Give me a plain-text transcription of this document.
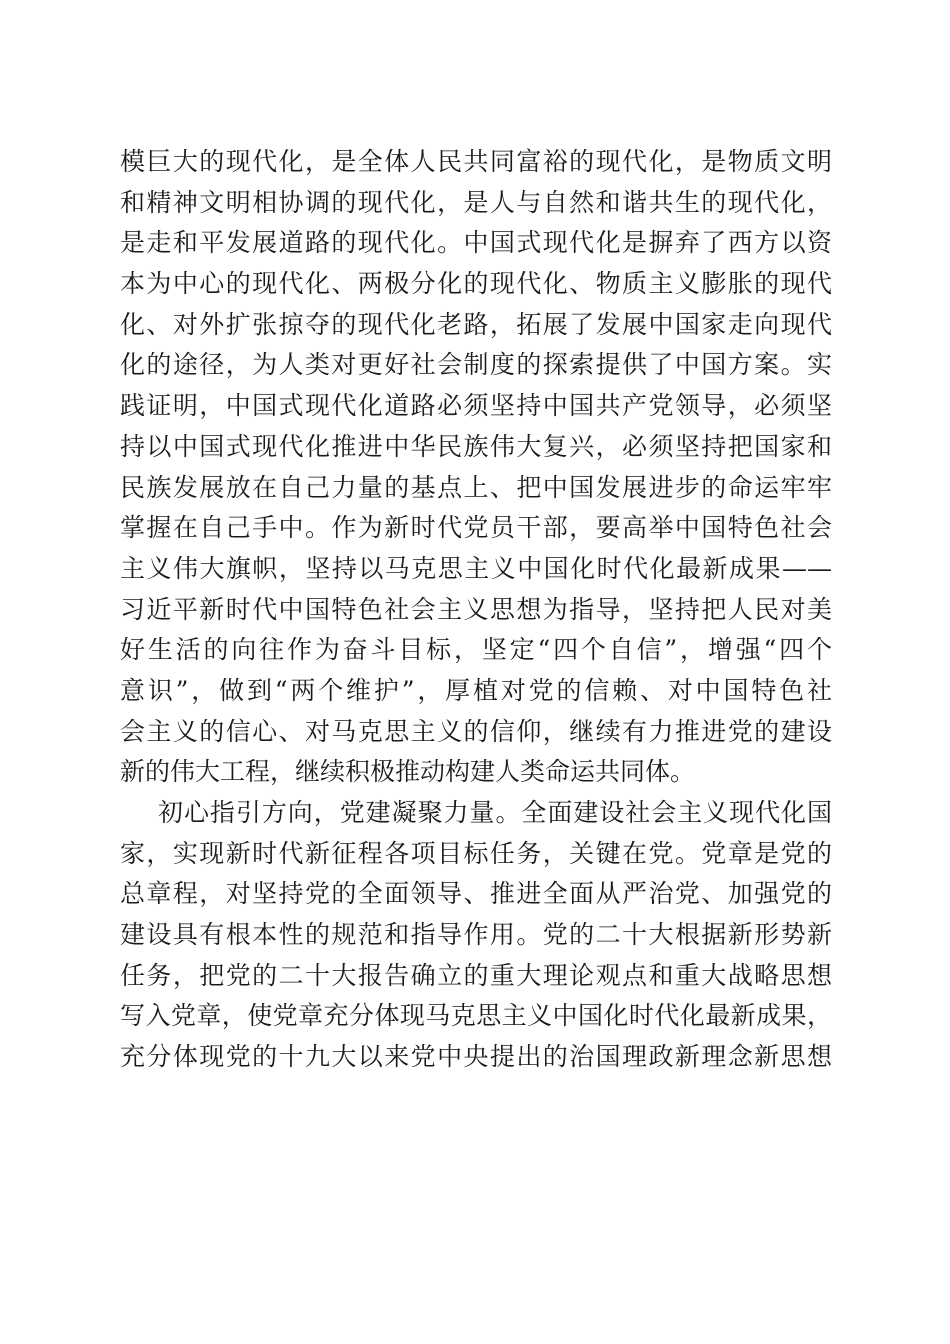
模巨大的现代化，是全体人民共同富裕的现代化，是物质文明
和精神文明相协调的现代化，是人与自然和谐共生的现代化，
是走和平发展道路的现代化。中国式现代化是摒弃了西方以资
本为中心的现代化、两极分化的现代化、物质主义膨胀的现代
化、对外扩张掠夺的现代化老路，拓展了发展中国家走向现代
化的途径，为人类对更好社会制度的探索提供了中国方案。实
践证明，中国式现代化道路必须坚持中国共产党领导，必须坚
持以中国式现代化推进中华民族伟大复兴，必须坚持把国家和
民族发展放在自己力量的基点上、把中国发展进步的命运牢牢
掌握在自己手中。作为新时代党员干部，要高举中国特色社会
主义伟大旗帜，坚持以马克思主义中国化时代化最新成果——
习近平新时代中国特色社会主义思想为指导，坚持把人民对美
好生活的向往作为奋斗目标，坚定“四个自信”，增强“四个
意识”，做到“两个维护”，厚植对党的信赖、对中国特色社
会主义的信心、对马克思主义的信仰，继续有力推进党的建设
新的伟大工程，继续积极推动构建人类命运共同体。
初心指引方向，党建凝聚力量。全面建设社会主义现代化国
家，实现新时代新征程各项目标任务，关键在党。党章是党的
总章程，对坚持党的全面领导、推进全面从严治党、加强党的
建设具有根本性的规范和指导作用。党的二十大根据新形势新
任务，把党的二十大报告确立的重大理论观点和重大战略思想
写入党章，使党章充分体现马克思主义中国化时代化最新成果，
充分体现党的十九大以来党中央提出的治国理政新理念新思想
